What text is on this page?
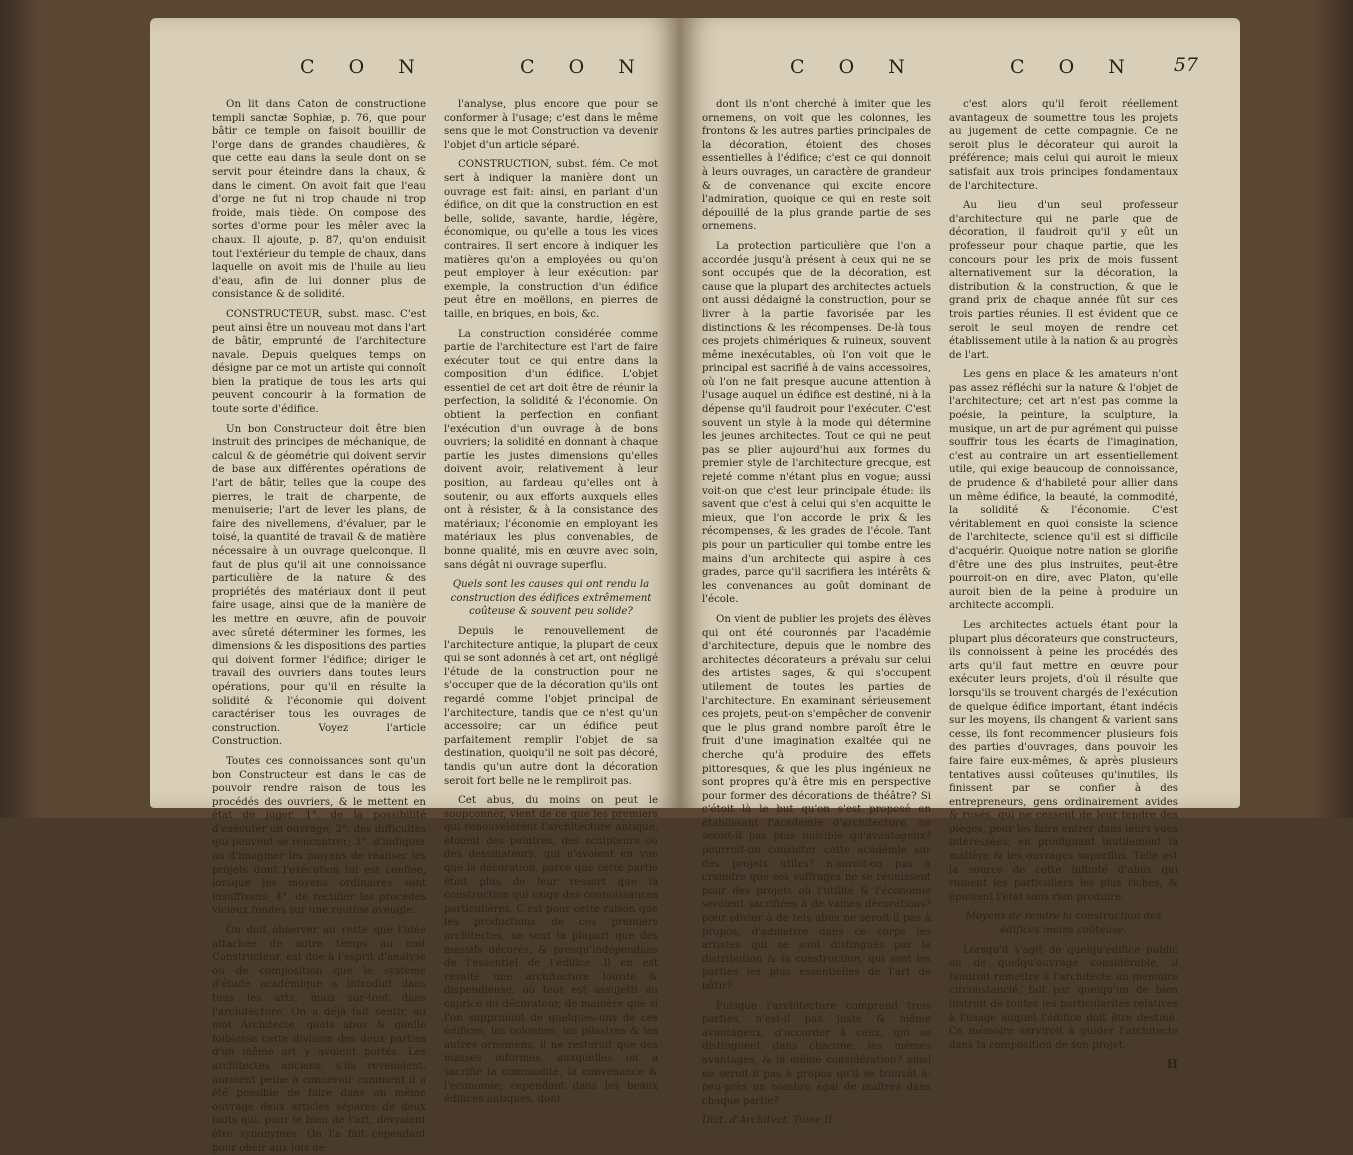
C O N	C O N

On lit dans Caton de constructione templi sanctæ Sophiæ, p. 76, que pour bâtir ce temple on faisoit bouillir de l'orge dans de grandes chaudières, & que cette eau dans la seule dont on se servit pour éteindre dans la chaux, & dans le ciment. On avoit fait que l'eau d'orge ne fut ni trop chaude ni trop froide, mais tiède. On compose des sortes d'orme pour les mêler avec la chaux. Il ajoute, p. 87, qu'on enduisit tout l'extérieur du temple de chaux, dans laquelle on avoit mis de l'huile au lieu d'eau, afin de lui donner plus de consistance & de solidité.

CONSTRUCTEUR, subst. masc. C'est peut ainsi être un nouveau mot dans l'art de bâtir, emprunté de l'architecture navale. Depuis quelques temps on désigne par ce mot un artiste qui connoît bien la pratique de tous les arts qui peuvent concourir à la formation de toute sorte d'édifice.

Un bon Constructeur doit être bien instruit des principes de méchanique, de calcul & de géométrie qui doivent servir de base aux différentes opérations de l'art de bâtir, telles que la coupe des pierres, le trait de charpente, de menuiserie; l'art de lever les plans, de faire des nivellemens, d'évaluer, par le toisé, la quantité de travail & de matière nécessaire à un ouvrage quelconque. Il faut de plus qu'il ait une connoissance particulière de la nature & des propriétés des matériaux dont il peut faire usage, ainsi que de la manière de les mettre en œuvre, afin de pouvoir avec sûreté déterminer les formes, les dimensions & les dispositions des parties qui doivent former l'édifice; diriger le travail des ouvriers dans toutes leurs opérations, pour qu'il en résulte la solidité & l'économie qui doivent caractériser tous les ouvrages de construction. Voyez l'article Construction.

Toutes ces connoissances sont qu'un bon Constructeur est dans le cas de pouvoir rendre raison de tous les procédés des ouvriers, & le mettent en état de juger, 1°. de la possibilité d'exécuter un ouvrage; 2°. des difficultés qui peuvent se rencontrer; 3°. d'indiquer ou d'imaginer les moyens de réaliser les projets dont l'exécution lui est confiée, lorsque les moyens ordinaires sont insuffisans; 4°. de rectifier les procédés vicieux fondés sur une routine aveugle.

On doit observer au reste que l'idée attachée de notre temps au mot Constructeur, est due à l'esprit d'analyse ou de composition que le système d'étude académique a introduit dans tous les arts, mais sur-tout dans l'architecture. On a déjà fait sentir, au mot Architecte, quels abus & quelle foiblesse cette division des deux parties d'un même art y avoient portés. Les architectes anciens, s'ils revenoient, auroient peine à concevoir comment il a été possible de faire dans un même ouvrage deux articles séparés de deux mots qui, pour le bien de l'art, devroient être synonymes. On l'a fait cependant pour obéir aux lois de

l'analyse, plus encore que pour se conformer à l'usage; c'est dans le même sens que le mot Construction va devenir l'objet d'un article séparé.

CONSTRUCTION, subst. fém. Ce mot sert à indiquer la manière dont un ouvrage est fait: ainsi, en parlant d'un édifice, on dit que la construction en est belle, solide, savante, hardie, légère, économique, ou qu'elle a tous les vices contraires. Il sert encore à indiquer les matières qu'on a employées ou qu'on peut employer à leur exécution: par exemple, la construction d'un édifice peut être en moëllons, en pierres de taille, en briques, en bois, &c.

La construction considérée comme partie de l'architecture est l'art de faire exécuter tout ce qui entre dans la composition d'un édifice. L'objet essentiel de cet art doit être de réunir la perfection, la solidité & l'économie. On obtient la perfection en confiant l'exécution d'un ouvrage à de bons ouvriers; la solidité en donnant à chaque partie les justes dimensions qu'elles doivent avoir, relativement à leur position, au fardeau qu'elles ont à soutenir, ou aux efforts auxquels elles ont à résister, & à la consistance des matériaux; l'économie en employant les matériaux les plus convenables, de bonne qualité, mis en œuvre avec soin, sans dégât ni ouvrage superflu.

Quels sont les causes qui ont rendu la construction des édifices extrêmement coûteuse & souvent peu solide?

Depuis le renouvellement de l'architecture antique, la plupart de ceux qui se sont adonnés à cet art, ont négligé l'étude de la construction pour ne s'occuper que de la décoration qu'ils ont regardé comme l'objet principal de l'architecture, tandis que ce n'est qu'un accessoire; car un édifice peut parfaitement remplir l'objet de sa destination, quoiqu'il ne soit pas décoré, tandis qu'un autre dont la décoration seroit fort belle ne le rempliroit pas.

Cet abus, du moins on peut le soupçonner, vient de ce que les premiers qui renouvelèrent l'architecture antique, étoient des peintres, des sculpteurs ou des dessinateurs, qui n'avoient en vue que la décoration, parce que cette partie étoit plus de leur ressort que la construction qui exige des connoissances particulières. C'est pour cette raison que les productions de ces premiers architectes, ne sont la plupart que des massifs décorés, & presqu'indépendans de l'essentiel de l'édifice. Il en est résulté une architecture lourde & dispendieuse, où tout est assujetti au caprice du décorateur, de manière que si l'on supprimoit de quelques-uns de ces édifices, les colonnes, les pilastres & les autres ornemens, il ne resteroit que des masses informes, auxquelles on a sacrifié la commodité, la convenance & l'économie; cependant dans les beaux édifices antiques, dont

C O N	C O N 57

dont ils n'ont cherché à imiter que les ornemens, on voit que les colonnes, les frontons & les autres parties principales de la décoration, étoient des choses essentielles à l'édifice; c'est ce qui donnoit à leurs ouvrages, un caractère de grandeur & de convenance qui excite encore l'admiration, quoique ce qui en reste soit dépouillé de la plus grande partie de ses ornemens.

La protection particulière que l'on a accordée jusqu'à présent à ceux qui ne se sont occupés que de la décoration, est cause que la plupart des architectes actuels ont aussi dédaigné la construction, pour se livrer à la partie favorisée par les distinctions & les récompenses. De-là tous ces projets chimériques & ruineux, souvent même inexécutables, où l'on voit que le principal est sacrifié à de vains accessoires, où l'on ne fait presque aucune attention à l'usage auquel un édifice est destiné, ni à la dépense qu'il faudroit pour l'exécuter. C'est souvent un style à la mode qui détermine les jeunes architectes. Tout ce qui ne peut pas se plier aujourd'hui aux formes du premier style de l'architecture grecque, est rejeté comme n'étant plus en vogue; aussi voit-on que c'est leur principale étude: ils savent que c'est à celui qui s'en acquitte le mieux, que l'on accorde le prix & les récompenses, & les grades de l'école. Tant pis pour un particulier qui tombe entre les mains d'un architecte qui aspire à ces grades, parce qu'il sacrifiera les intérêts & les convenances au goût dominant de l'école.

On vient de publier les projets des élèves qui ont été couronnés par l'académie d'architecture, depuis que le nombre des architectes décorateurs a prévalu sur celui des artistes sages, & qui s'occupent utilement de toutes les parties de l'architecture. En examinant sérieusement ces projets, peut-on s'empêcher de convenir que le plus grand nombre paroît être le fruit d'une imagination exaltée qui ne cherche qu'à produire des effets pittoresques, & que les plus ingénieux ne sont propres qu'à être mis en perspective pour former des décorations de théâtre? Si c'étoit là le but qu'on s'est proposé en établissant l'académie d'architecture, ne seroit-il pas plus nuisible qu'avantageux? pourroit-on consulter cette académie sur des projets utiles? n'auroit-on pas à craindre que ses suffrages ne se réunissent pour des projets où l'utilité & l'économie seroient sacrifiées à de vaines décorations? pour obvier à de tels abus ne seroit-il pas à propos, d'admettre dans ce corps les artistes qui se sont distingués par la distribution & la construction, qui sont les parties les plus essentielles de l'art de bâtir?

Puisque l'architecture comprend trois parties, n'est-il pas juste & même avantageux, d'accorder à ceux, qui se distinguent dans chacune, les mêmes avantages, & la même considération? ainsi ne seroit-il pas à propos qu'il se trouvât à-peu-près un nombre égal de maîtres dans chaque partie?

Dict. d'Architect. Tome II.

c'est alors qu'il feroit réellement avantageux de soumettre tous les projets au jugement de cette compagnie. Ce ne seroit plus le décorateur qui auroit la préférence; mais celui qui auroit le mieux satisfait aux trois principes fondamentaux de l'architecture.

Au lieu d'un seul professeur d'architecture qui ne parle que de décoration, il faudroit qu'il y eût un professeur pour chaque partie, que les concours pour les prix de mois fussent alternativement sur la décoration, la distribution & la construction, & que le grand prix de chaque année fût sur ces trois parties réunies. Il est évident que ce seroit le seul moyen de rendre cet établissement utile à la nation & au progrès de l'art.

Les gens en place & les amateurs n'ont pas assez réfléchi sur la nature & l'objet de l'architecture; cet art n'est pas comme la poésie, la peinture, la sculpture, la musique, un art de pur agrément qui puisse souffrir tous les écarts de l'imagination, c'est au contraire un art essentiellement utile, qui exige beaucoup de connoissance, de prudence & d'habileté pour allier dans un même édifice, la beauté, la commodité, la solidité & l'économie. C'est véritablement en quoi consiste la science de l'architecte, science qu'il est si difficile d'acquérir. Quoique notre nation se glorifie d'être une des plus instruites, peut-être pourroit-on en dire, avec Platon, qu'elle auroit bien de la peine à produire un architecte accompli.

Les architectes actuels étant pour la plupart plus décorateurs que constructeurs, ils connoissent à peine les procédés des arts qu'il faut mettre en œuvre pour exécuter leurs projets, d'où il résulte que lorsqu'ils se trouvent chargés de l'exécution de quelque édifice important, étant indécis sur les moyens, ils changent & varient sans cesse, ils font recommencer plusieurs fois des parties d'ouvrages, dans pouvoir les faire faire eux-mêmes, & après plusieurs tentatives aussi coûteuses qu'inutiles, ils finissent par se confier à des entrepreneurs, gens ordinairement avides & rusés, qui ne cessent de leur tendre des pièges, pour les faire entrer dans leurs vues intéressées, en prodiguant inutilement la matière & les ouvrages superflus. Telle est la source de cette infinité d'abus qui ruinent les particuliers les plus riches, & épuisent l'état sans rien produire.

Moyens de rendre la construction des édifices moins coûteuse.

Lorsqu'il s'agit de quelqu'édifice public ou de quelqu'ouvrage considérable, il faudroit remettre à l'architecte un mémoire circonstancié, fait par quelqu'un de bien instruit de toutes les particularités relatives à l'usage auquel l'édifice doit être destiné. Ce mémoire serviroit à guider l'architecte dans la composition de son projet.

H
